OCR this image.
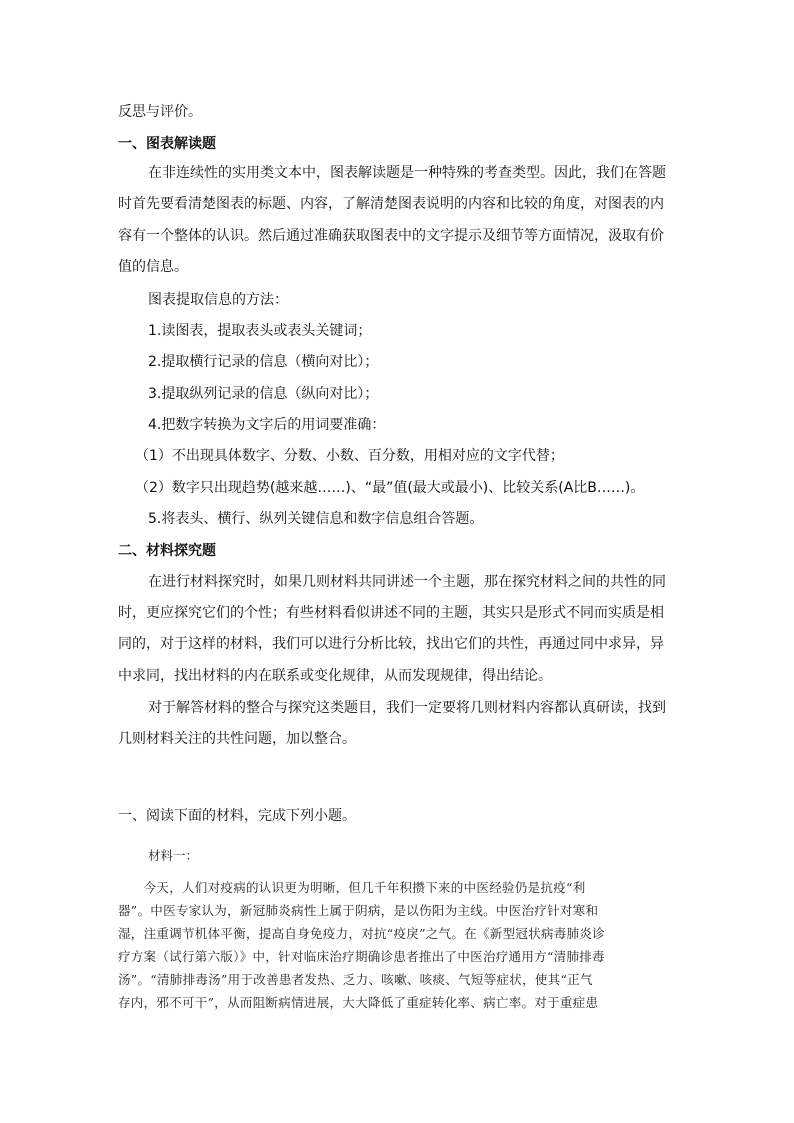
反思与评价。
一、图表解读题
在非连续性的实用类文本中，图表解读题是一种特殊的考查类型。因此，我们在答题
时首先要看清楚图表的标题、内容，了解清楚图表说明的内容和比较的角度，对图表的内
容有一个整体的认识。然后通过准确获取图表中的文字提示及细节等方面情况，汲取有价
值的信息。
图表提取信息的方法：
1.读图表，提取表头或表头关键词；
2.提取横行记录的信息（横向对比）；
3.提取纵列记录的信息（纵向对比）；
4.把数字转换为文字后的用词要准确：
（1）不出现具体数字、分数、小数、百分数，用相对应的文字代替；
（2）数字只出现趋势(越来越……)、“最”值(最大或最小)、比较关系(A比B……)。
5.将表头、横行、纵列关键信息和数字信息组合答题。
二、材料探究题
在进行材料探究时，如果几则材料共同讲述一个主题，那在探究材料之间的共性的同
时，更应探究它们的个性；有些材料看似讲述不同的主题，其实只是形式不同而实质是相
同的，对于这样的材料，我们可以进行分析比较，找出它们的共性，再通过同中求异，异
中求同，找出材料的内在联系或变化规律，从而发现规律，得出结论。
对于解答材料的整合与探究这类题目，我们一定要将几则材料内容都认真研读，找到
几则材料关注的共性问题，加以整合。
一、阅读下面的材料，完成下列小题。
材料一：
　　今天，人们对疫病的认识更为明晰，但几千年积攒下来的中医经验仍是抗疫“利
器”。中医专家认为，新冠肺炎病性上属于阴病，是以伤阳为主线。中医治疗针对寒和
湿，注重调节机体平衡，提高自身免疫力，对抗“疫戾”之气。在《新型冠状病毒肺炎诊
疗方案（试行第六版）》中，针对临床治疗期确诊患者推出了中医治疗通用方“清肺排毒
汤”。“清肺排毒汤”用于改善患者发热、乏力、咳嗽、咳痰、气短等症状，使其“正气
存内，邪不可干”，从而阻断病情进展，大大降低了重症转化率、病亡率。对于重症患
